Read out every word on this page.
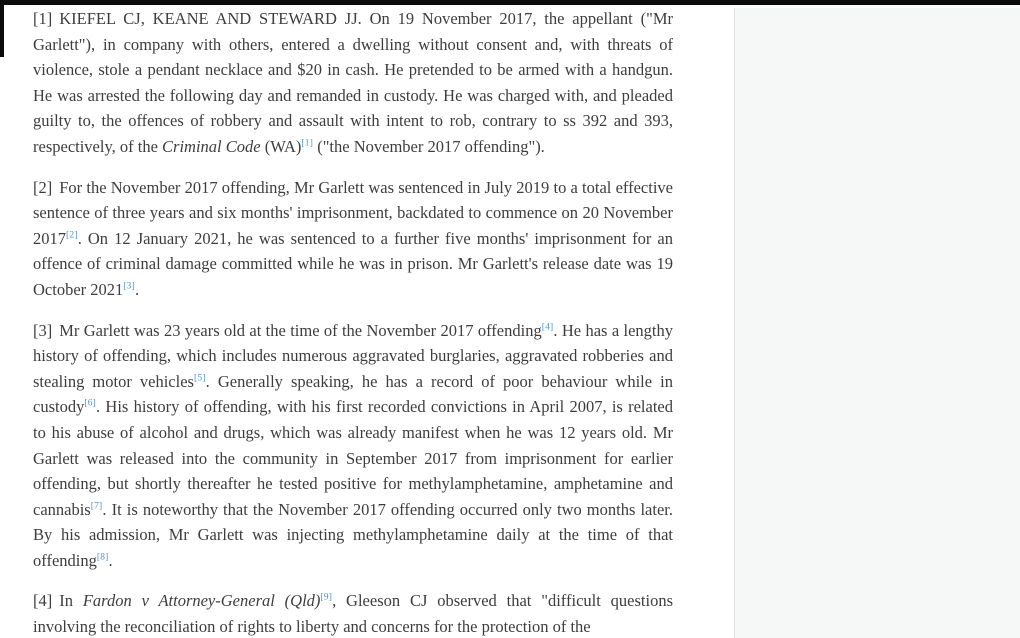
[1] KIEFEL CJ, KEANE AND STEWARD JJ. On 19 November 2017, the appellant ("Mr Garlett"), in company with others, entered a dwelling without consent and, with threats of violence, stole a pendant necklace and $20 in cash. He pretended to be armed with a handgun. He was arrested the following day and remanded in custody. He was charged with, and pleaded guilty to, the offences of robbery and assault with intent to rob, contrary to ss 392 and 393, respectively, of the Criminal Code (WA)[1] ("the November 2017 offending").

[2] For the November 2017 offending, Mr Garlett was sentenced in July 2019 to a total effective sentence of three years and six months' imprisonment, backdated to commence on 20 November 2017[2]. On 12 January 2021, he was sentenced to a further five months' imprisonment for an offence of criminal damage committed while he was in prison. Mr Garlett's release date was 19 October 2021[3].

[3] Mr Garlett was 23 years old at the time of the November 2017 offending[4]. He has a lengthy history of offending, which includes numerous aggravated burglaries, aggravated robberies and stealing motor vehicles[5]. Generally speaking, he has a record of poor behaviour while in custody[6]. His history of offending, with his first recorded convictions in April 2007, is related to his abuse of alcohol and drugs, which was already manifest when he was 12 years old. Mr Garlett was released into the community in September 2017 from imprisonment for earlier offending, but shortly thereafter he tested positive for methylamphetamine, amphetamine and cannabis[7]. It is noteworthy that the November 2017 offending occurred only two months later. By his admission, Mr Garlett was injecting methylamphetamine daily at the time of that offending[8].

[4] In Fardon v Attorney-General (Qld)[9], Gleeson CJ observed that "difficult questions involving the reconciliation of rights to liberty and concerns for the protection of the
